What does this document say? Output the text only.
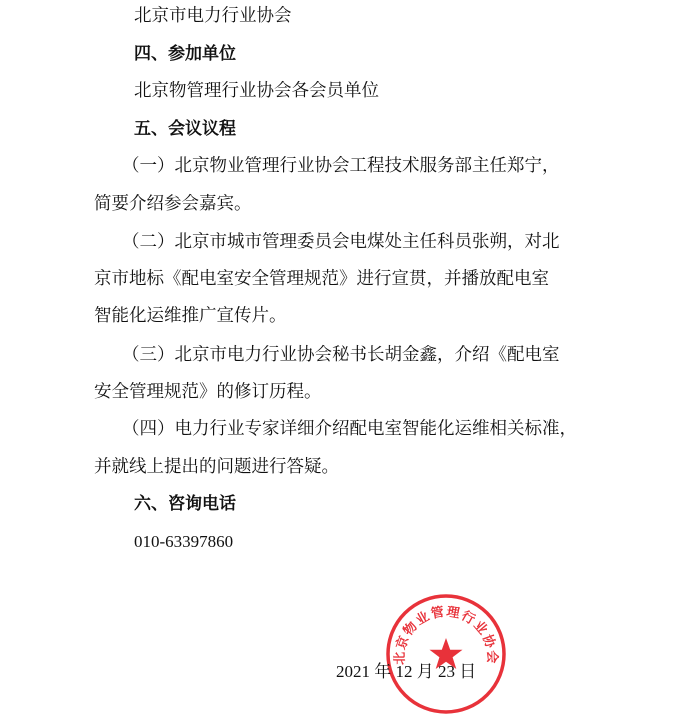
北京市电力行业协会
四、参加单位
北京物管理行业协会各会员单位
五、会议议程
（一）北京物业管理行业协会工程技术服务部主任郑宁，
简要介绍参会嘉宾。
（二）北京市城市管理委员会电煤处主任科员张朔，对北
京市地标《配电室安全管理规范》进行宣贯，并播放配电室
智能化运维推广宣传片。
（三）北京市电力行业协会秘书长胡金鑫，介绍《配电室
安全管理规范》的修订历程。
（四）电力行业专家详细介绍配电室智能化运维相关标准，
并就线上提出的问题进行答疑。
六、咨询电话
010-63397860
北京物业管理行业协会
2021 年 12 月 23 日
